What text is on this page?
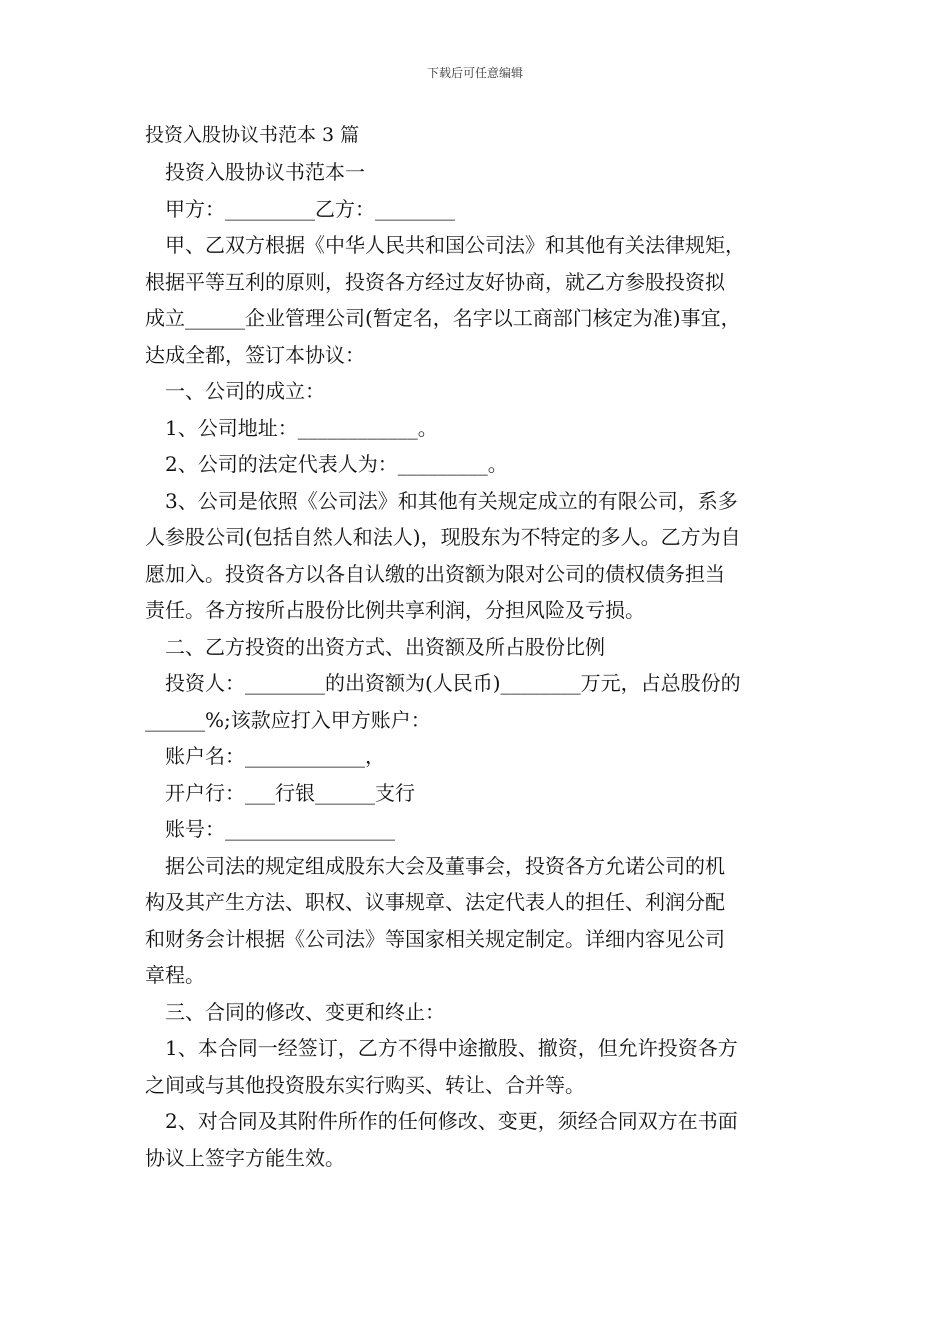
下载后可任意编辑
投资入股协议书范本 3 篇
投资入股协议书范本一
甲方：_________乙方：________
甲、乙双方根据《中华人民共和国公司法》和其他有关法律规矩，
根据平等互利的原则，投资各方经过友好协商，就乙方参股投资拟
成立______企业管理公司(暂定名，名字以工商部门核定为准)事宜，
达成全都，签订本协议：
一、公司的成立：
1、公司地址：____________。
2、公司的法定代表人为：_________。
3、公司是依照《公司法》和其他有关规定成立的有限公司，系多
人参股公司(包括自然人和法人)，现股东为不特定的多人。乙方为自
愿加入。投资各方以各自认缴的出资额为限对公司的债权债务担当
责任。各方按所占股份比例共享利润，分担风险及亏损。
二、乙方投资的出资方式、出资额及所占股份比例
投资人：________的出资额为(人民币)________万元，占总股份的
______%;该款应打入甲方账户：
账户名：____________，
开户行：___行银______支行
账号：_________________
据公司法的规定组成股东大会及董事会，投资各方允诺公司的机
构及其产生方法、职权、议事规章、法定代表人的担任、利润分配
和财务会计根据《公司法》等国家相关规定制定。详细内容见公司
章程。
三、合同的修改、变更和终止：
1、本合同一经签订，乙方不得中途撤股、撤资，但允许投资各方
之间或与其他投资股东实行购买、转让、合并等。
2、对合同及其附件所作的任何修改、变更，须经合同双方在书面
协议上签字方能生效。
